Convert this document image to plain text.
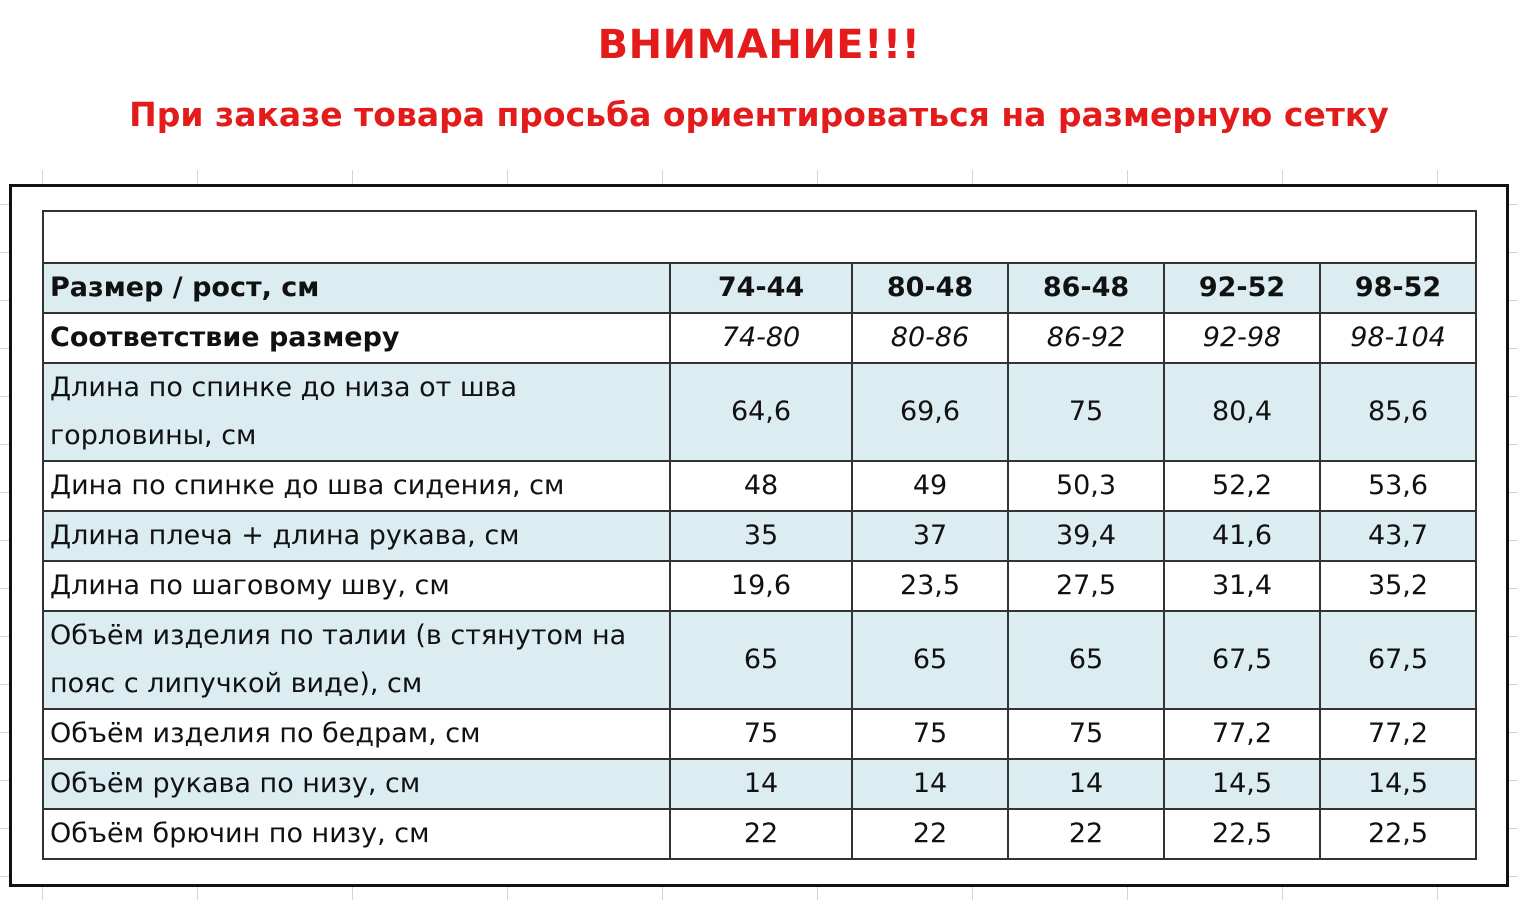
ВНИМАНИЕ!!!
При заказе товара просьба ориентироваться на размерную сетку

Размер / рост, см	74-44	80-48	86-48	92-52	98-52
Соответствие размеру	74-80	80-86	86-92	92-98	98-104
Длина по спинке до низа от шва горловины, см	64,6	69,6	75	80,4	85,6
Дина по спинке до шва сидения, см	48	49	50,3	52,2	53,6
Длина плеча + длина рукава, см	35	37	39,4	41,6	43,7
Длина по шаговому шву, см	19,6	23,5	27,5	31,4	35,2
Объём изделия по талии (в стянутом на пояс с липучкой виде), см	65	65	65	67,5	67,5
Объём изделия по бедрам, см	75	75	75	77,2	77,2
Объём рукава по низу, см	14	14	14	14,5	14,5
Объём брючин по низу, см	22	22	22	22,5	22,5
